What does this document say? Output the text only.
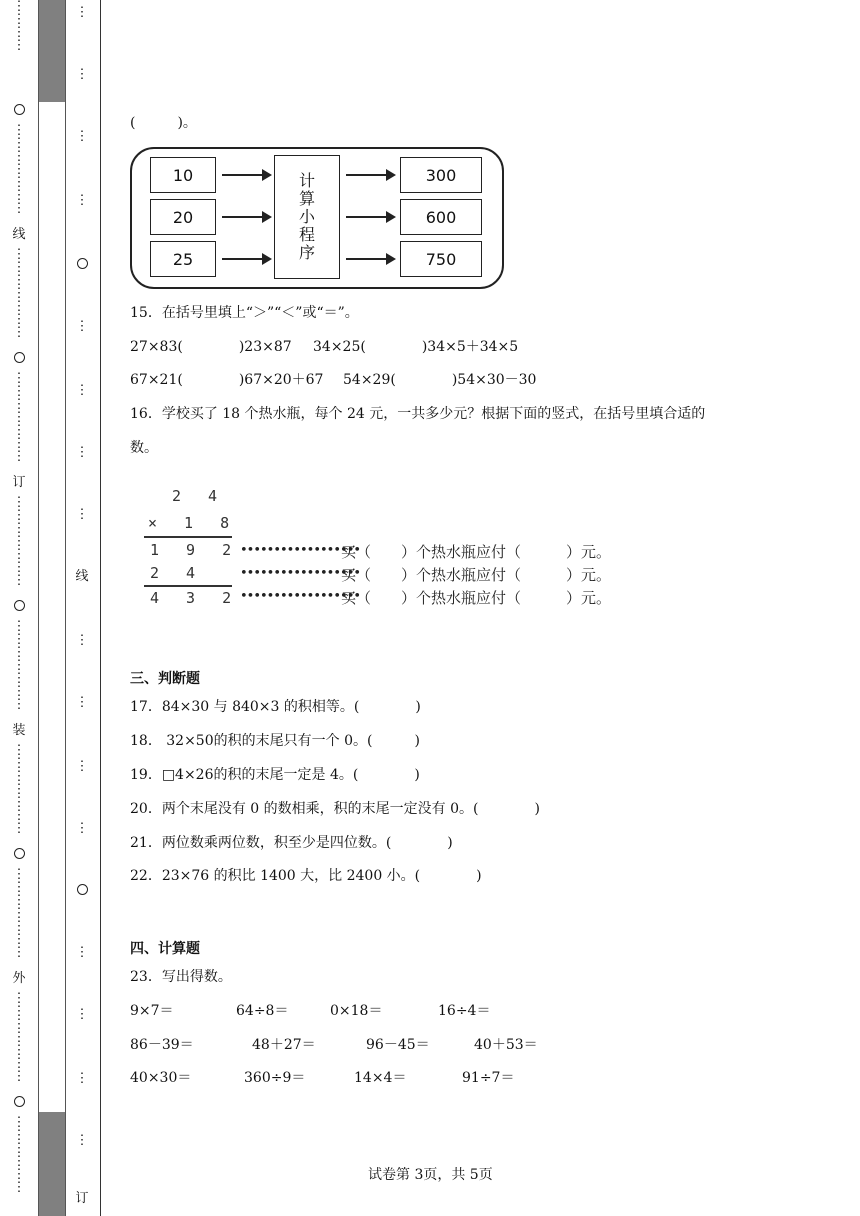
⋮
⋮
⋮
⋮
⋮
⋮
⋮
⋮
⋮
⋮
⋮
线
⋮
⋮
⋮
⋮
⋮
⋮
⋮
⋮
⋮
⋮
⋮
⋮
⋮
⋮
订
⋮
⋮
⋮
⋮
⋮
⋮
⋮
⋮
⋮
⋮
⋮
⋮
⋮
⋮
装
⋮
⋮
⋮
⋮
⋮
⋮
⋮
⋮
⋮
⋮
⋮
⋮
⋮
⋮
外
⋮
⋮
⋮
⋮
⋮
⋮
⋮
⋮
⋮
⋮
⋮
⋮
⋮
⋮
⋮
⋮
⋮
⋮
⋮
⋮
⋮
线
⋮
⋮
⋮
⋮
⋮
⋮
⋮
⋮
订
(　　　)。
10
20
25
计
算
小
程
序
300
600
750
15．在括号里填上“＞”“＜”或“＝”。
27×83(　　　　)23×87 34×25(　　　　)34×5＋34×5
67×21(　　　　)67×20＋67 54×29(　　　　)54×30－30
16．学校买了 18 个热水瓶，每个 24 元，一共多少元？根据下面的竖式，在括号里填合适的
数。
2 4
× 1 8
1 9 2
2 4
4 3 2
••••••••••••••••••
买（　　）个热水瓶应付（　　　）元。
••••••••••••••••••
买（　　）个热水瓶应付（　　　）元。
••••••••••••••••••
买（　　）个热水瓶应付（　　　）元。
三、判断题
17．84×30 与 840×3 的积相等。(　　　　)
18． 32×50的积的末尾只有一个 0。(　　　)
19．□4×26的积的末尾一定是 4。(　　　　)
20．两个末尾没有 0 的数相乘，积的末尾一定没有 0。(　　　　)
21．两位数乘两位数，积至少是四位数。(　　　　)
22．23×76 的积比 1400 大，比 2400 小。(　　　　)
四、计算题
23．写出得数。
9×7＝	64÷8＝	0×18＝	16÷4＝
86－39＝	48＋27＝	96－45＝	40＋53＝
40×30＝	360÷9＝	14×4＝	91÷7＝
试卷第 3页，共 5页
